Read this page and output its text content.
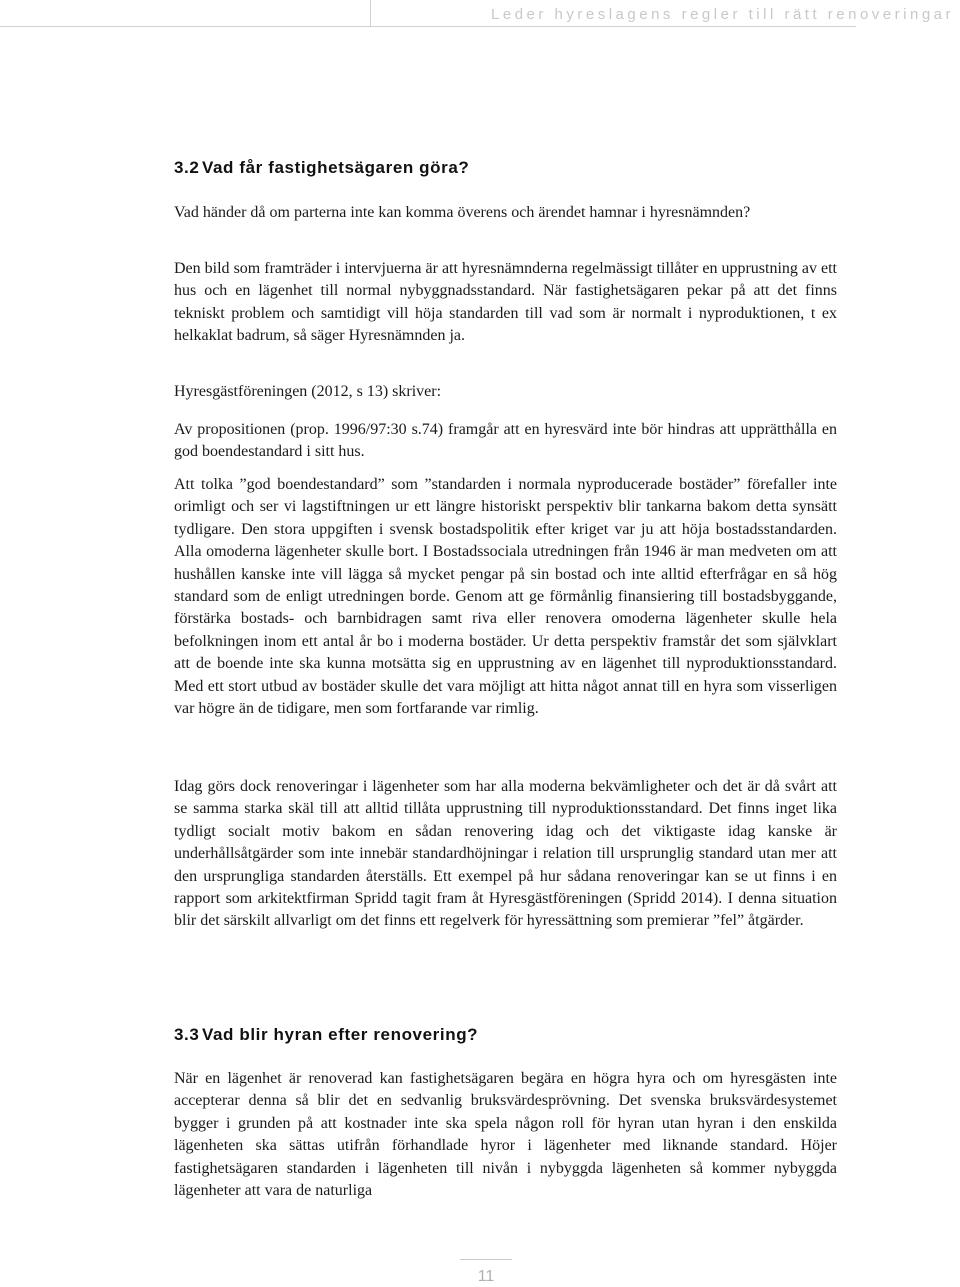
Leder hyreslagens regler till rätt renoveringar
3.2 Vad får fastighetsägaren göra?

Vad händer då om parterna inte kan komma överens och ärendet hamnar i hyresnämnden?

Den bild som framträder i intervjuerna är att hyresnämnderna regelmässigt tillåter en upprustning av ett hus och en lägenhet till normal nybyggnadsstandard. När fastighetsägaren pekar på att det finns tekniskt problem och samtidigt vill höja standarden till vad som är normalt i nyproduktionen, t ex helkaklat badrum, så säger Hyresnämnden ja.

Hyresgästföreningen (2012, s 13) skriver:

Av propositionen (prop. 1996/97:30 s.74) framgår att en hyresvärd inte bör hindras att upprätthålla en god boendestandard i sitt hus.

Att tolka ”god boendestandard” som ”standarden i normala nyproducerade bostäder” förefaller inte orimligt och ser vi lagstiftningen ur ett längre historiskt perspektiv blir tankarna bakom detta synsätt tydligare. Den stora uppgiften i svensk bostadspolitik efter kriget var ju att höja bostadsstandarden. Alla omoderna lägenheter skulle bort. I Bostadssociala utredningen från 1946 är man medveten om att hushållen kanske inte vill lägga så mycket pengar på sin bostad och inte alltid efterfrågar en så hög standard som de enligt utredningen borde. Genom att ge förmånlig finansiering till bostadsbyggande, förstärka bostads- och barnbidragen samt riva eller renovera omoderna lägenheter skulle hela befolkningen inom ett antal år bo i moderna bostäder. Ur detta perspektiv framstår det som självklart att de boende inte ska kunna motsätta sig en upprustning av en lägenhet till nyproduktionsstandard. Med ett stort utbud av bostäder skulle det vara möjligt att hitta något annat till en hyra som visserligen var högre än de tidigare, men som fortfarande var rimlig.

Idag görs dock renoveringar i lägenheter som har alla moderna bekvämligheter och det är då svårt att se samma starka skäl till att alltid tillåta upprustning till nyproduktionsstandard. Det finns inget lika tydligt socialt motiv bakom en sådan renovering idag och det viktigaste idag kanske är underhållsåtgärder som inte innebär standardhöjningar i relation till ursprunglig standard utan mer att den ursprungliga standarden återställs. Ett exempel på hur sådana renoveringar kan se ut finns i en rapport som arkitektfirman Spridd tagit fram åt Hyresgästföreningen (Spridd 2014). I denna situation blir det särskilt allvarligt om det finns ett regelverk för hyressättning som premierar ”fel” åtgärder.

3.3 Vad blir hyran efter renovering?

När en lägenhet är renoverad kan fastighetsägaren begära en högra hyra och om hyresgästen inte accepterar denna så blir det en sedvanlig bruksvärdesprövning. Det svenska bruksvärdesystemet bygger i grunden på att kostnader inte ska spela någon roll för hyran utan hyran i den enskilda lägenheten ska sättas utifrån förhandlade hyror i lägenheter med liknande standard. Höjer fastighetsägaren standarden i lägenheten till nivån i nybyggda lägenheten så kommer nybyggda lägenheter att vara de naturliga

11
